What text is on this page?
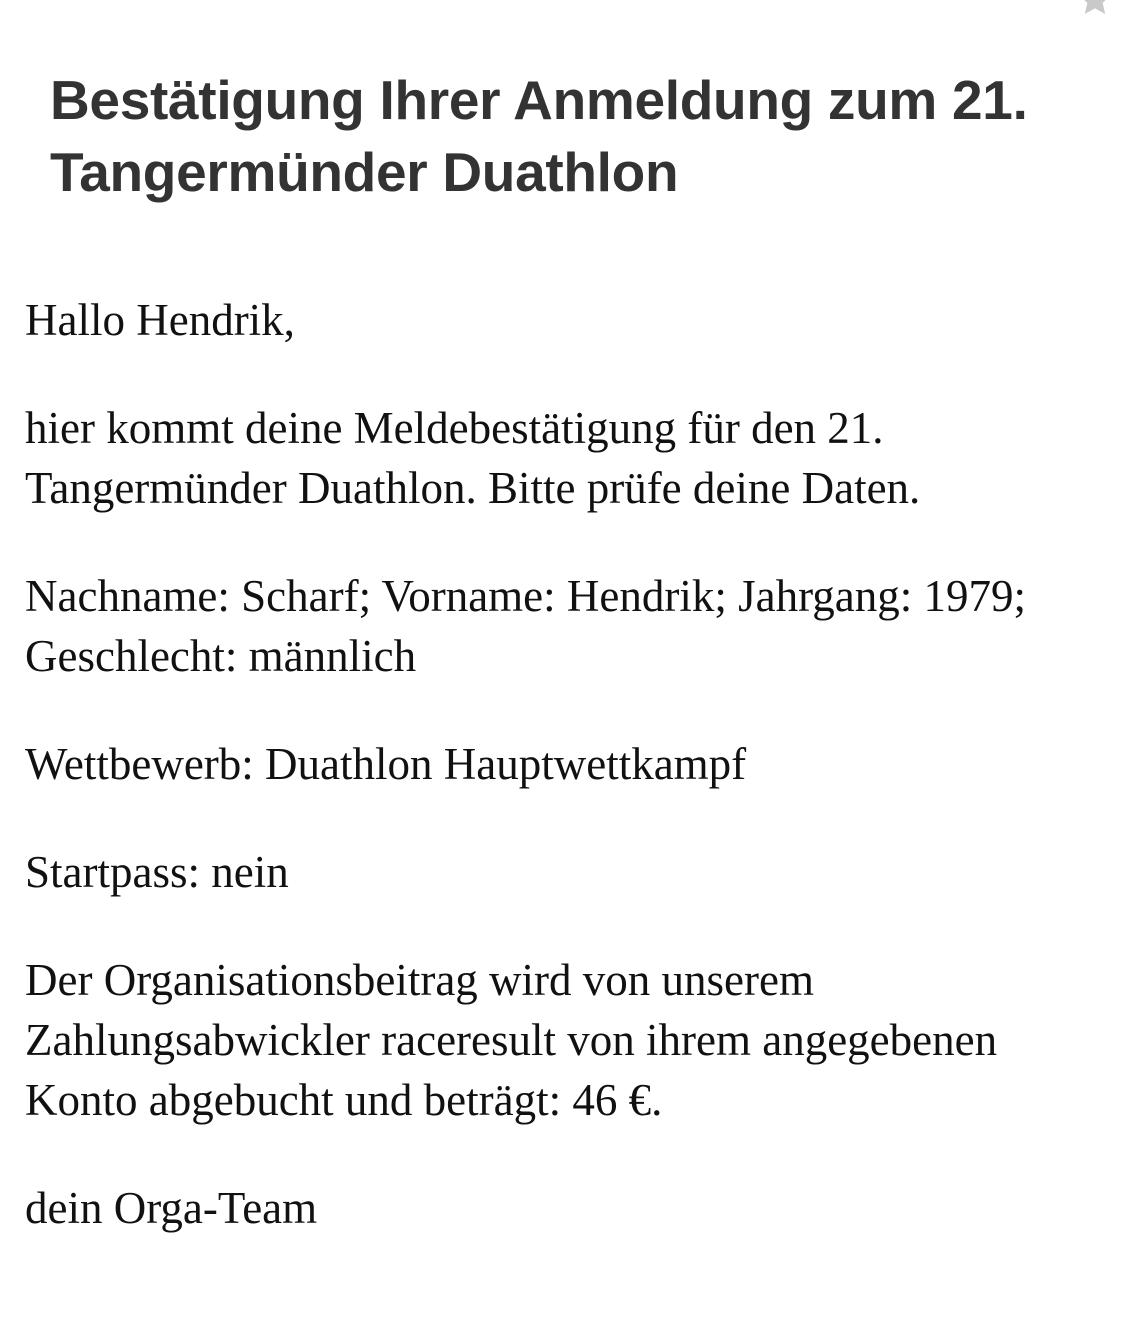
Bestätigung Ihrer Anmeldung zum 21.
Tangermünder Duathlon

Hallo Hendrik,

hier kommt deine Meldebestätigung für den 21.
Tangermünder Duathlon. Bitte prüfe deine Daten.

Nachname: Scharf; Vorname: Hendrik; Jahrgang: 1979;
Geschlecht: männlich

Wettbewerb: Duathlon Hauptwettkampf

Startpass: nein

Der Organisationsbeitrag wird von unserem
Zahlungsabwickler raceresult von ihrem angegebenen
Konto abgebucht und beträgt: 46 €.

dein Orga-Team
